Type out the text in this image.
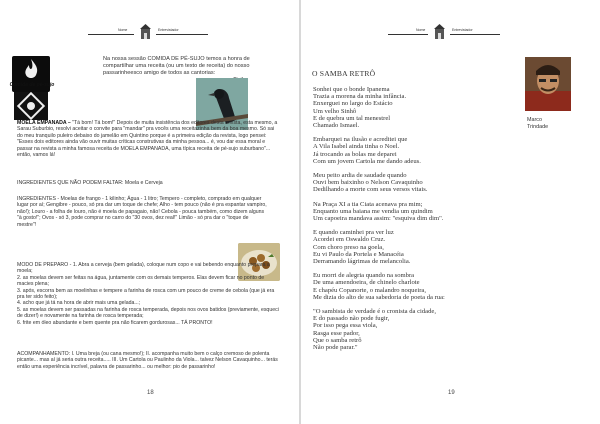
Nome	Entrevistador	Nome	Entrevistador
Comida de pé-sujo
Na nossa sessão COMIDA DE PÉ-SUJO temos a honra de compartilhar uma receita (ou um texto de receita) do nosso passarinheesco amigo de todos as cantorias:

MOELA EMPANADA – "Tá bom! Tá bom!" Depois de muita insistência dos editores desta revista, esta mesmo, a Sarau Suburbio, resolvi aceitar o convite para "mandar" pra vocês uma receitazinha bem da boa mesmo. Só sai do meu tranquilo puleiro debaixo do jamelão em Quintino porque é a primeira edição da revista, logo pensei: "Esses dois editores ainda vão ouvir muitas críticas construtivas da minha pessoa... é, vou dar essa moral e passar na revista a minha famosa receita de MOELA EMPANADA, uma típica receita de pé-sujo suburbano"... então, vamos lá!

INGREDIENTES QUE NÃO PODEM FALTAR: Moela e Cerveja

INGREDIENTES - Moelas de frango - 1 kilinho; Água - 1 litro; Tempero - completo, comprado em qualquer lugar por aí; Gengibre - pouco, só pra dar um toque de chefe; Alho - tem pouco (não é pra espantar vampiro, não!); Louro - a folha de louro, não é moela de papagaio, não! Cebola - pouca também, como dizem alguns "à gosto!"; Ovos - só 3, pode comprar no carro do "30 ovos, dez real!" Limão - só pra dar o "toque de mestre"!

MODO DE PREPARO - 1. Abra a cerveja (bem gelada), coloque num copo e vai bebendo enquanto prepara a moela;

2. as moelas devem ser feitas na água, juntamente com os demais temperos. Elas devem ficar no ponto de macies plena;

3. após, escorra bem as moelinhas e tempere a farinha de rosca com um pouco de creme de cebola (que já era pra ter sido feito);

4. acho que já tá na hora de abrir mais uma gelada...;

5. as moelas devem ser passadas na farinha de rosca temperada, depois nos ovos batidos (previamente, esqueci de dizer!) e novamente na farinha de rosca temperada;

6. frite em óleo abundante e bem quente pra não ficarem gordurosas... TÁ PRONTO!

ACOMPANHAMENTO: I. Uma breja (ou cana mesmo!); II. acompanha muito bem o calço cremoso de polenta picante... mas aí já seria outra receita..... III. Um Cartola ou Paulinho da Viola... talvez Nelson Cavaquinho... terás então uma experiência incrível, palavra de passarinho... ou melhor: pio de passarinho!

18
O SAMBA RETRÔ
Sonhei que o bonde Ipanema
Trazia a morena da minha infância.
Enxerguei no largo do Estácio
Um velho Sinhô
E de quebra um tal menestrel
Chamado Ismael.
Embarquei na ilusão e acreditei que
A Vila Isabel ainda tinha o Noel.
Já trocando as bolas me deparei
Com um jovem Cartola me dando adeus.
Meu peito ardia de saudade quando
Ouvi bem baixinho o Nelson Cavaquinho
Dedilhando a morte com seus versos vitais.
Na Praça XI a tia Ciata acenava pra mim;
Enquanto uma baiana me vendia um quindim
Um capoeira mandava assim: "esquiva dim dim".
E quando caminhei pra ver luz
Acordei em Oswaldo Cruz.
Com choro preso na goela,
Eu vi Paulo da Portela e Manacéia
Derramando lágrimas de melancolia.
Eu morri de alegria quando na sombra
De uma amendoeira, de chinelo charlote
E chapéu Copanorte, o malandro noqueira,
Me dizia do alto de sua sabedoria de poeta da rua:
"O sambista de verdade é o cronista da cidade,
E do passado não pode fugir,
Por isso pega essa viola,
Rasga esse pador,
Que o samba retrô
Não pode parar."
Marco Trindade
19
